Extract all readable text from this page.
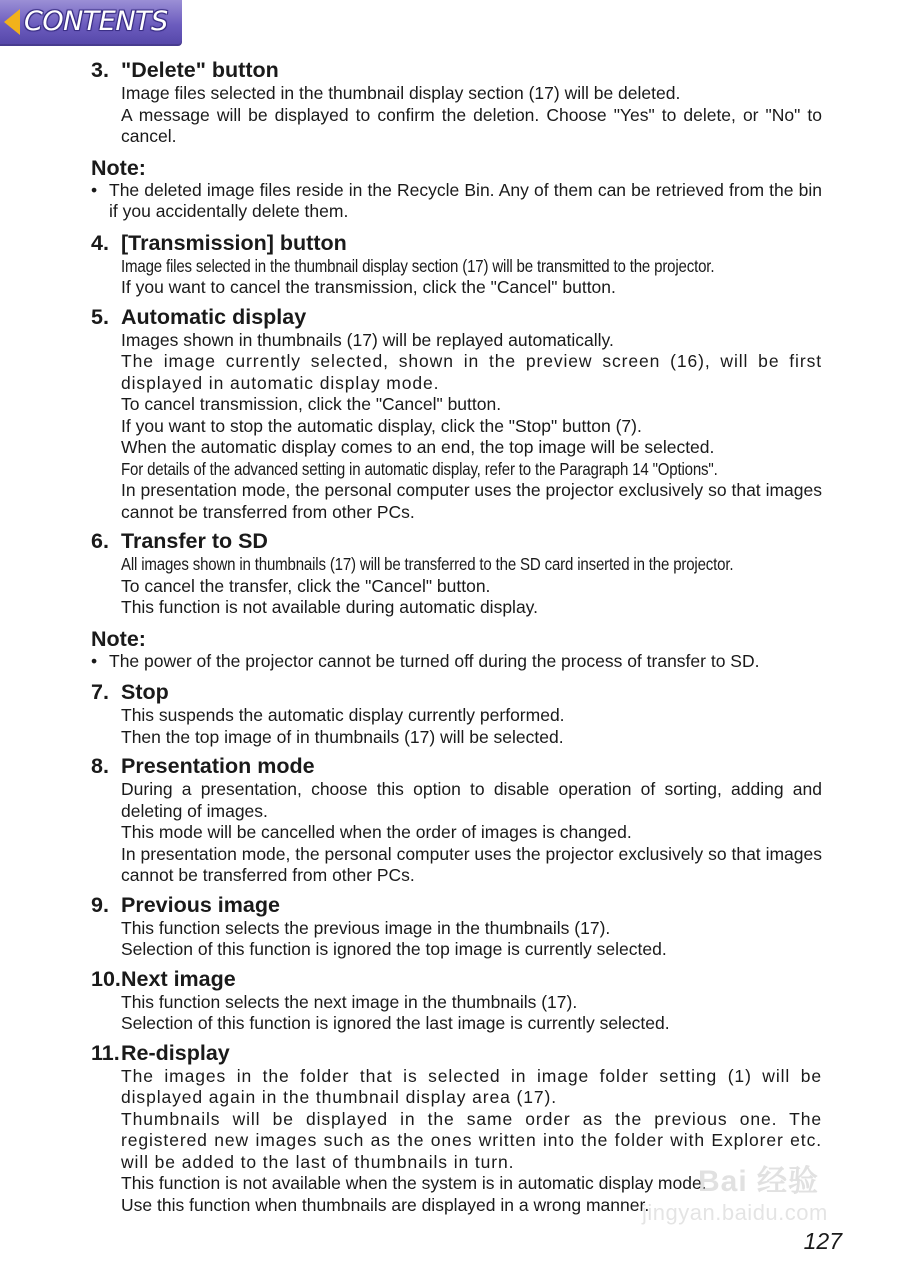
CONTENTS
3. "Delete" button
Image files selected in the thumbnail display section (17) will be deleted.
A message will be displayed to confirm the deletion. Choose "Yes" to delete, or "No" to cancel.
Note:
• The deleted image files reside in the Recycle Bin. Any of them can be retrieved from the bin if you accidentally delete them.
4. [Transmission] button
Image files selected in the thumbnail display section (17) will be transmitted to the projector.
If you want to cancel the transmission, click the "Cancel" button.
5. Automatic display
Images shown in thumbnails (17) will be replayed automatically.
The image currently selected, shown in the preview screen (16), will be first displayed in automatic display mode.
To cancel transmission, click the "Cancel" button.
If you want to stop the automatic display, click the "Stop" button (7).
When the automatic display comes to an end, the top image will be selected.
For details of the advanced setting in automatic display, refer to the Paragraph 14 "Options".
In presentation mode, the personal computer uses the projector exclusively so that images cannot be transferred from other PCs.
6. Transfer to SD
All images shown in thumbnails (17) will be transferred to the SD card inserted in the projector.
To cancel the transfer, click the "Cancel" button.
This function is not available during automatic display.
Note:
• The power of the projector cannot be turned off during the process of transfer to SD.
7. Stop
This suspends the automatic display currently performed.
Then the top image of in thumbnails (17) will be selected.
8. Presentation mode
During a presentation, choose this option to disable operation of sorting, adding and deleting of images.
This mode will be cancelled when the order of images is changed.
In presentation mode, the personal computer uses the projector exclusively so that images cannot be transferred from other PCs.
9. Previous image
This function selects the previous image in the thumbnails (17).
Selection of this function is ignored the top image is currently selected.
10. Next image
This function selects the next image in the thumbnails (17).
Selection of this function is ignored the last image is currently selected.
11. Re-display
The images in the folder that is selected in image folder setting (1) will be displayed again in the thumbnail display area (17).
Thumbnails will be displayed in the same order as the previous one. The registered new images such as the ones written into the folder with Explorer etc. will be added to the last of thumbnails in turn.
This function is not available when the system is in automatic display mode.
Use this function when thumbnails are displayed in a wrong manner.
Bai 经验
jingyan.baidu.com
127
